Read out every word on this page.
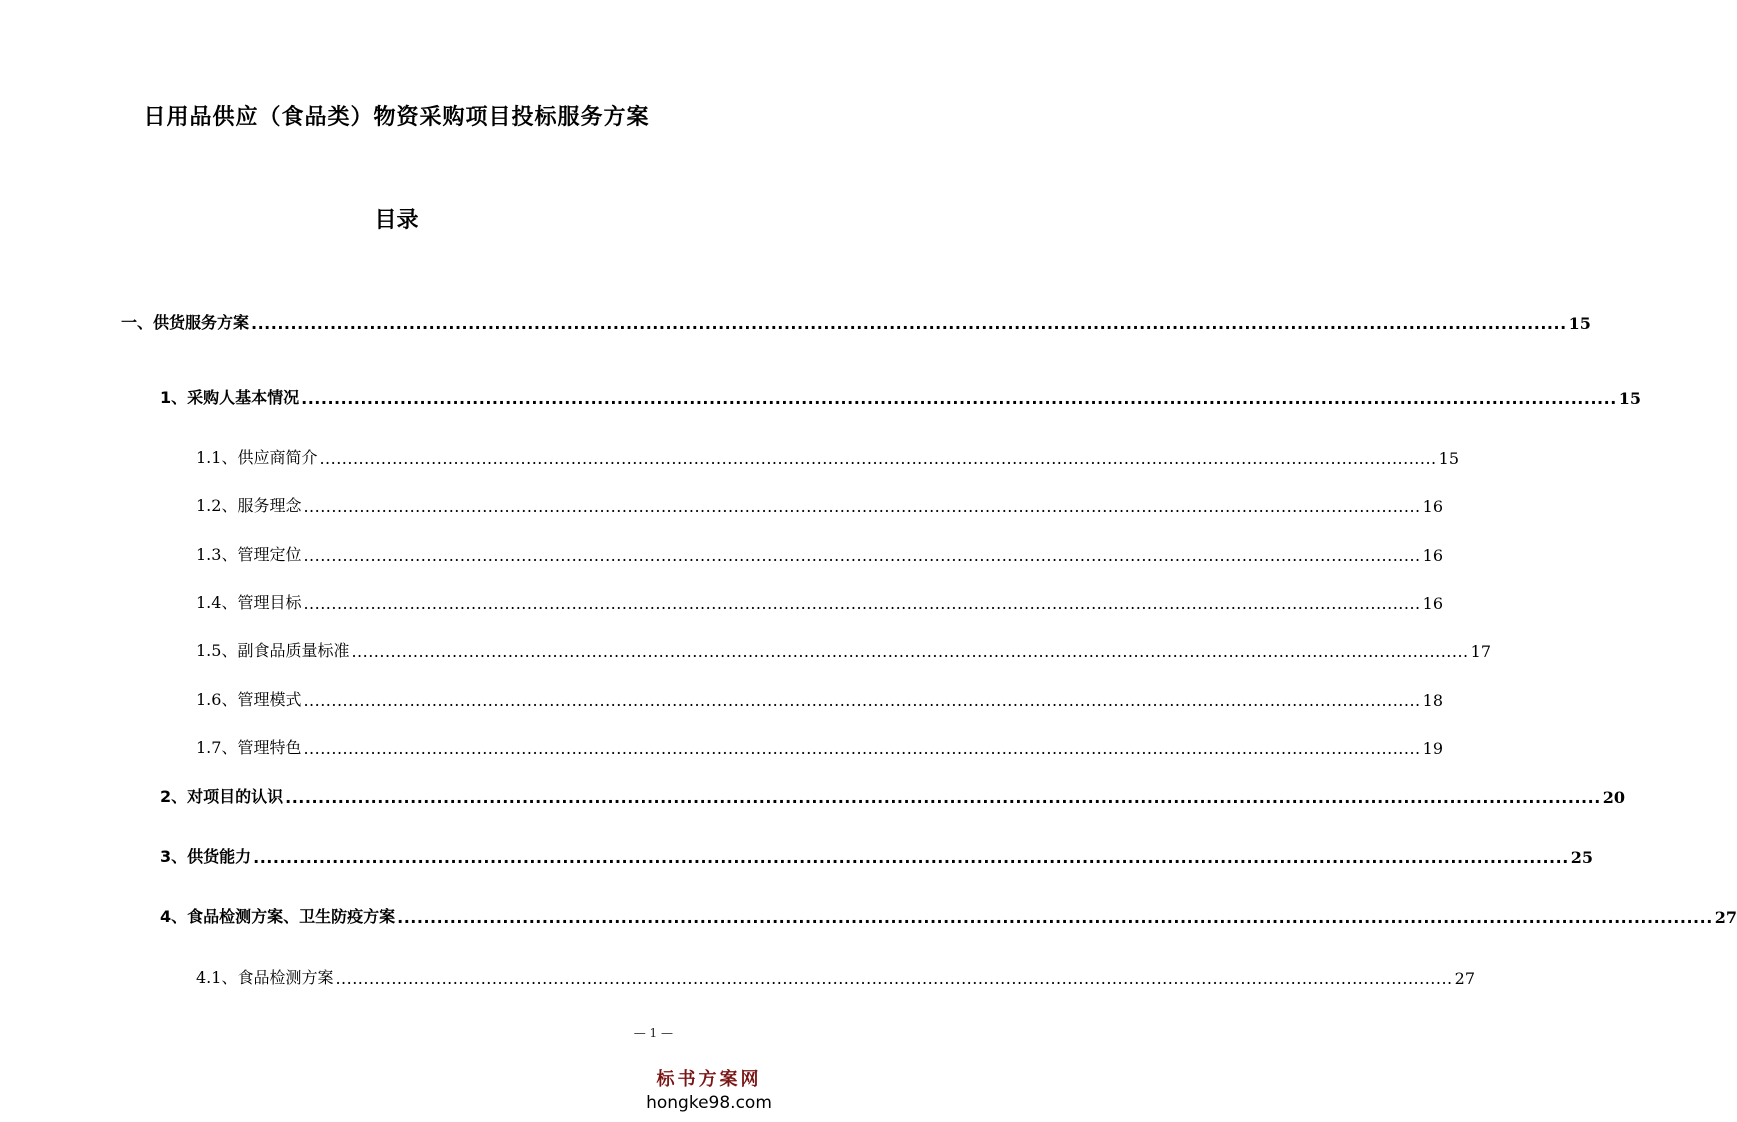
日用品供应（食品类）物资采购项目投标服务方案
目录
一、供货服务方案 ........................................................................................................................................................................................................ 15
1、采购人基本情况 ........................................................................................................................................................................................................ 15
1.1、供应商简介 ........................................................................................................................................................................................................ 15
1.2、服务理念 ........................................................................................................................................................................................................ 16
1.3、管理定位 ........................................................................................................................................................................................................ 16
1.4、管理目标 ........................................................................................................................................................................................................ 16
1.5、副食品质量标准 ........................................................................................................................................................................................................ 17
1.6、管理模式 ........................................................................................................................................................................................................ 18
1.7、管理特色 ........................................................................................................................................................................................................ 19
2、对项目的认识 ........................................................................................................................................................................................................ 20
3、供货能力 ........................................................................................................................................................................................................ 25
4、食品检测方案、卫生防疫方案 ........................................................................................................................................................................................................ 27
4.1、食品检测方案 ........................................................................................................................................................................................................ 27
— 1 —
标书方案网
hongke98.com
